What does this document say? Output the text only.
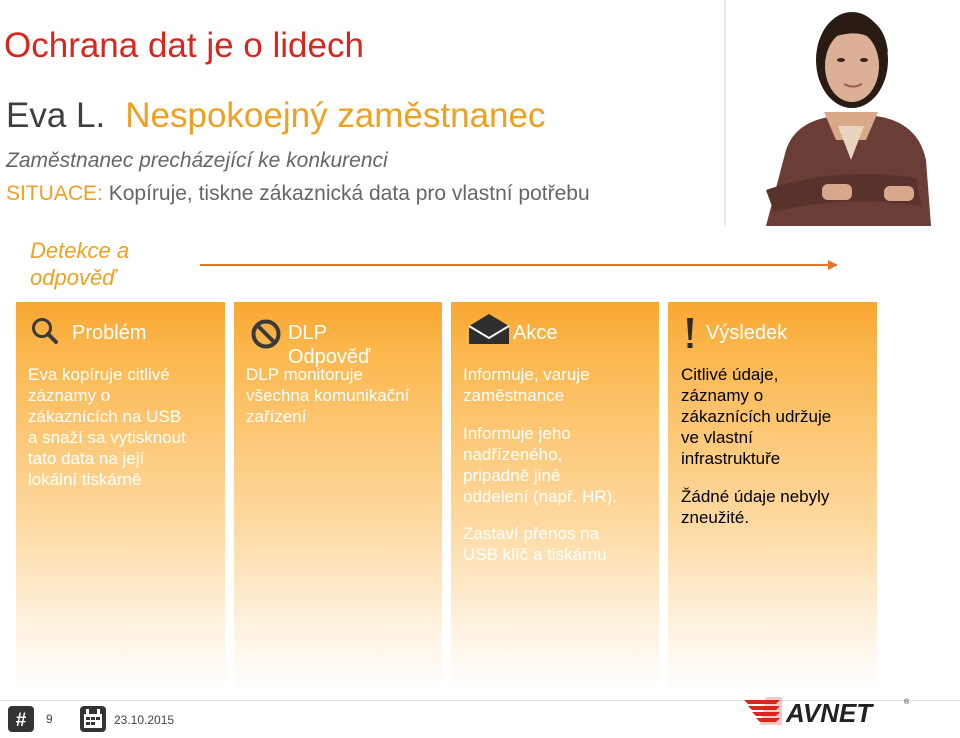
Ochrana dat je o lidech
Eva L. Nespokoejný zaměstnanec
Zaměstnanec precházející ke konkurenci
SITUACE: Kopíruje, tiskne zákaznická data pro vlastní potřebu
Detekce a odpověď
Problém
Eva kopíruje citlivé
záznamy o
zákaznících na USB
a snaží sa vytisknout
tato data na její
lokální tiskárně
DLP
Odpověď
DLP monitoruje
všechna komunikační
zařízení
Akce
Informuje, varuje
zaměstnance
Informuje jeho
nadřízeného,
pripadně jiné
oddelení (např. HR).
Zastaví přenos na
USB klíč a tiskárnu
Výsledek
Citlivé údaje,
záznamy o
zákaznících udržuje
ve vlastní
infrastruktuře
Žádné údaje nebyly
zneužité.
# 9	23.10.2015	AVNET	®
